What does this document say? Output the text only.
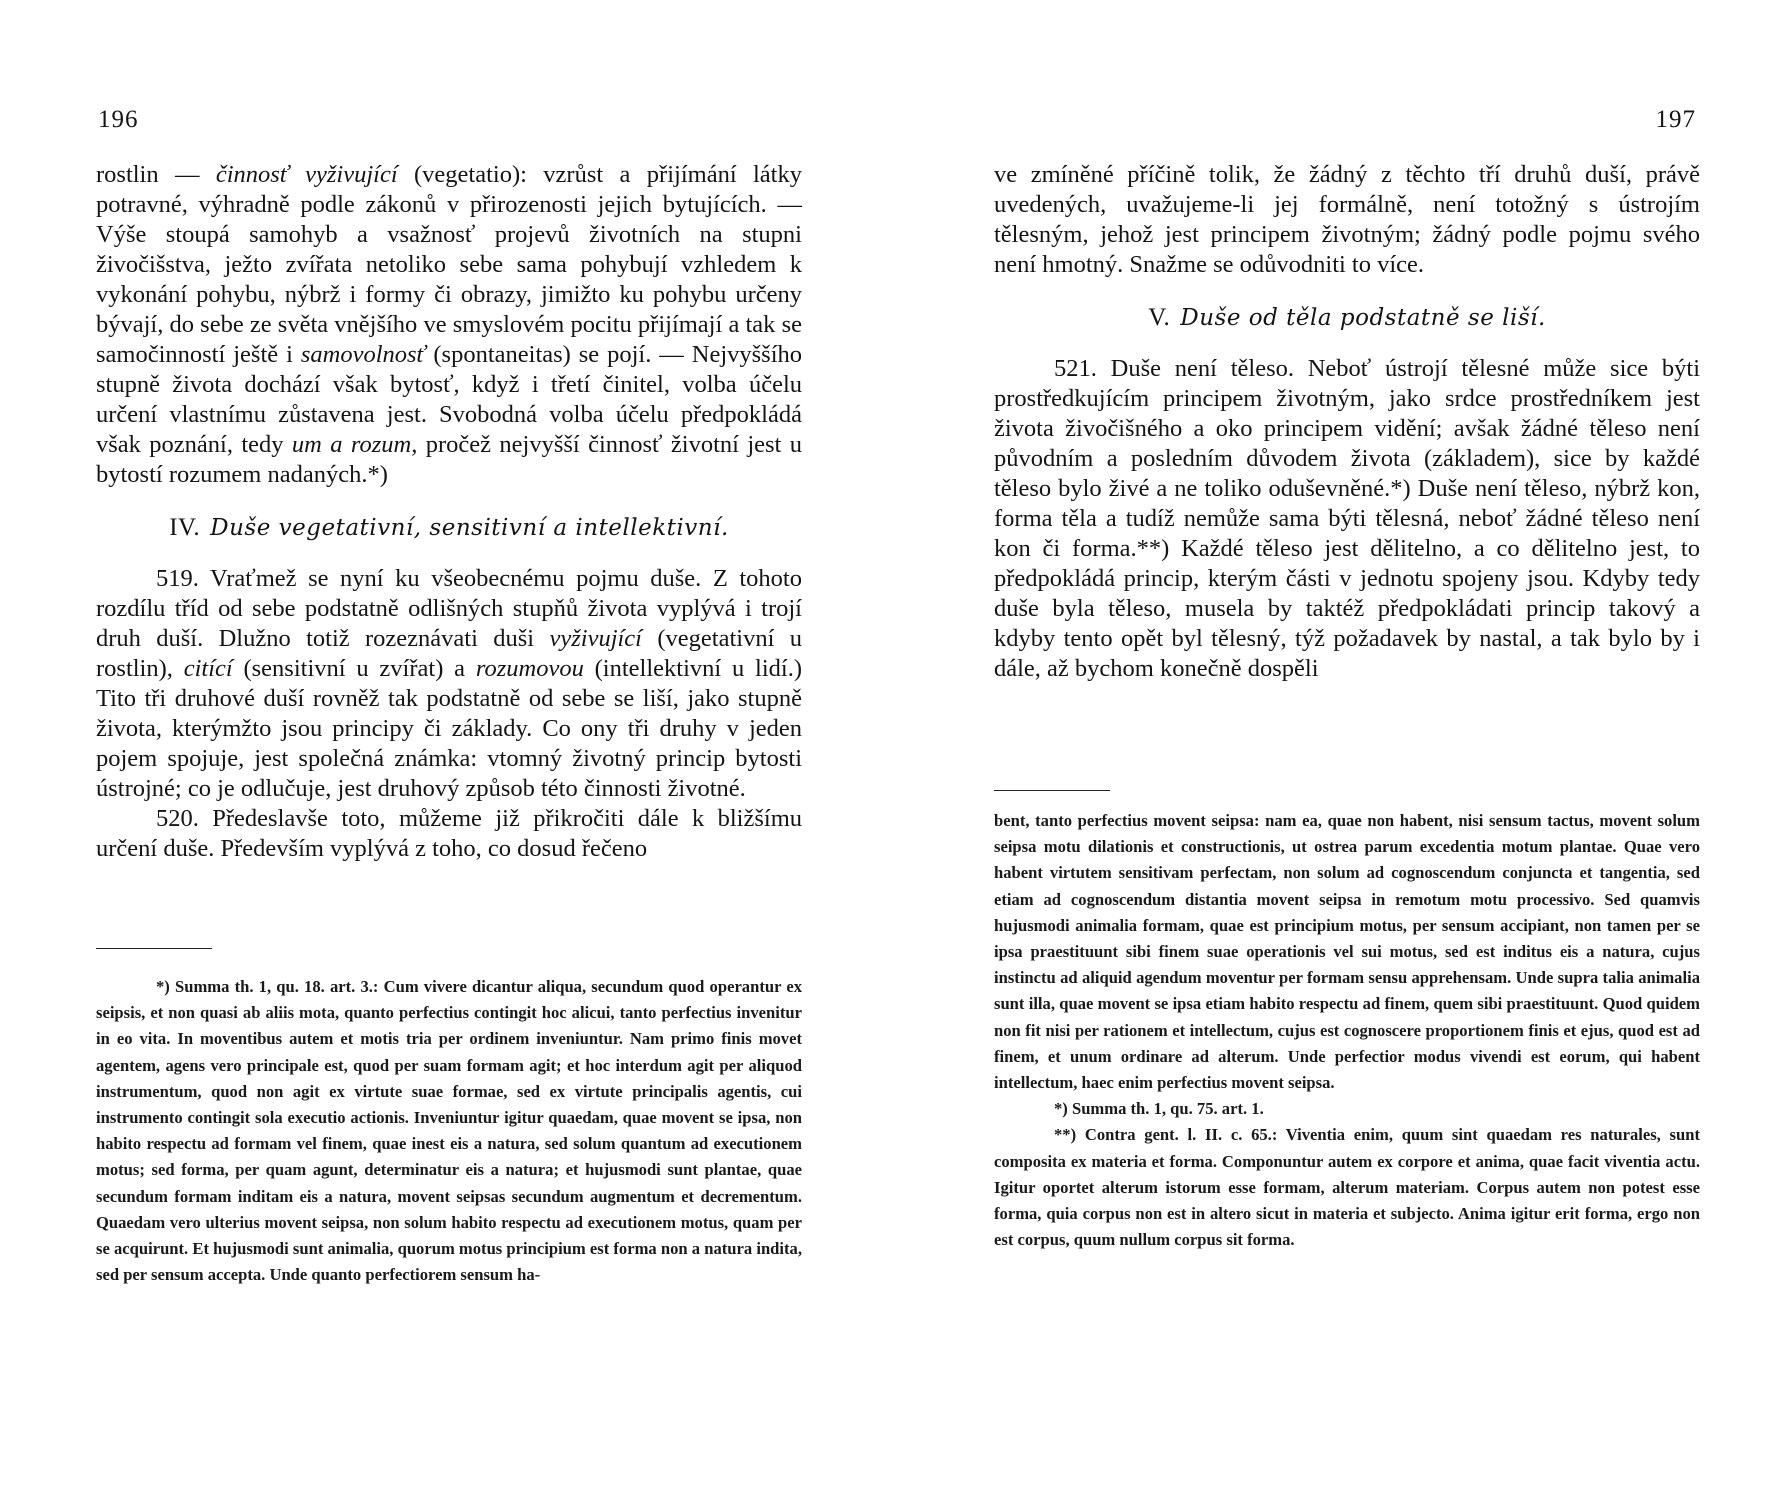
196

rostlin — činnosť vyživující (vegetatio): vzrůst a přijímání látky potravné, výhradně podle zákonů v přirozenosti jejich bytujících. — Výše stoupá samohyb a vsažnosť projevů životních na stupni živočišstva, ježto zvířata netoliko sebe sama pohybují vzhledem k vykonání pohybu, nýbrž i formy či obrazy, jimižto ku pohybu určeny bývají, do sebe ze světa vnějšího ve smyslovém pocitu přijímají a tak se samočinností ještě i samovolnosť (spontaneitas) se pojí. — Nejvyššího stupně života dochází však bytosť, když i třetí činitel, volba účelu určení vlastnímu zůstavena jest. Svobodná volba účelu předpokládá však poznání, tedy um a rozum, pročež nejvyšší činnosť životní jest u bytostí rozumem nadaných.*)

IV. Duše vegetativní, sensitivní a intellektivní.

519. Vraťmež se nyní ku všeobecnému pojmu duše. Z tohoto rozdílu tříd od sebe podstatně odlišných stupňů života vyplývá i trojí druh duší. Dlužno totiž rozeznávati duši vyživující (vegetativní u rostlin), citící (sensitivní u zvířat) a rozumovou (intellektivní u lidí.) Tito tři druhové duší rovněž tak podstatně od sebe se liší, jako stupně života, kterýmžto jsou principy či základy. Co ony tři druhy v jeden pojem spojuje, jest společná známka: vtomný životný princip bytosti ústrojné; co je odlučuje, jest druhový způsob této činnosti životné.

520. Předeslavše toto, můžeme již přikročiti dále k bližšímu určení duše. Především vyplývá z toho, co dosud řečeno

*) Summa th. 1, qu. 18. art. 3.: Cum vivere dicantur aliqua, secundum quod operantur ex seipsis, et non quasi ab aliis mota, quanto perfectius contingit hoc alicui, tanto perfectius invenitur in eo vita. In moventibus autem et motis tria per ordinem inveniuntur. Nam primo finis movet agentem, agens vero principale est, quod per suam formam agit; et hoc interdum agit per aliquod instrumentum, quod non agit ex virtute suae formae, sed ex virtute principalis agentis, cui instrumento contingit sola executio actionis. Inveniuntur igitur quaedam, quae movent se ipsa, non habito respectu ad formam vel finem, quae inest eis a natura, sed solum quantum ad executionem motus; sed forma, per quam agunt, determinatur eis a natura; et hujusmodi sunt plantae, quae secundum formam inditam eis a natura, movent seipsas secundum augmentum et decrementum. Quaedam vero ulterius movent seipsa, non solum habito respectu ad executionem motus, quam per se acquirunt. Et hujusmodi sunt animalia, quorum motus principium est forma non a natura indita, sed per sensum accepta. Unde quanto perfectiorem sensum ha-

197

ve zmíněné příčině tolik, že žádný z těchto tří druhů duší, právě uvedených, uvažujeme-li jej formálně, není totožný s ústrojím tělesným, jehož jest principem životným; žádný podle pojmu svého není hmotný. Snažme se odůvodniti to více.

V. Duše od těla podstatně se liší.

521. Duše není těleso. Neboť ústrojí tělesné může sice býti prostředkujícím principem životným, jako srdce prostředníkem jest života živočišného a oko principem vidění; avšak žádné těleso není původním a posledním důvodem života (základem), sice by každé těleso bylo živé a ne toliko oduševněné.*) Duše není těleso, nýbrž kon, forma těla a tudíž nemůže sama býti tělesná, neboť žádné těleso není kon či forma.**) Každé těleso jest dělitelno, a co dělitelno jest, to předpokládá princip, kterým části v jednotu spojeny jsou. Kdyby tedy duše byla těleso, musela by taktéž předpokládati princip takový a kdyby tento opět byl tělesný, týž požadavek by nastal, a tak bylo by i dále, až bychom konečně dospěli

bent, tanto perfectius movent seipsa: nam ea, quae non habent, nisi sensum tactus, movent solum seipsa motu dilationis et constructionis, ut ostrea parum excedentia motum plantae. Quae vero habent virtutem sensitivam perfectam, non solum ad cognoscendum conjuncta et tangentia, sed etiam ad cognoscendum distantia movent seipsa in remotum motu processivo. Sed quamvis hujusmodi animalia formam, quae est principium motus, per sensum accipiant, non tamen per se ipsa praestituunt sibi finem suae operationis vel sui motus, sed est inditus eis a natura, cujus instinctu ad aliquid agendum moventur per formam sensu apprehensam. Unde supra talia animalia sunt illa, quae movent se ipsa etiam habito respectu ad finem, quem sibi praestituunt. Quod quidem non fit nisi per rationem et intellectum, cujus est cognoscere proportionem finis et ejus, quod est ad finem, et unum ordinare ad alterum. Unde perfectior modus vivendi est eorum, qui habent intellectum, haec enim perfectius movent seipsa.

*) Summa th. 1, qu. 75. art. 1.

**) Contra gent. l. II. c. 65.: Viventia enim, quum sint quaedam res naturales, sunt composita ex materia et forma. Componuntur autem ex corpore et anima, quae facit viventia actu. Igitur oportet alterum istorum esse formam, alterum materiam. Corpus autem non potest esse forma, quia corpus non est in altero sicut in materia et subjecto. Anima igitur erit forma, ergo non est corpus, quum nullum corpus sit forma.
